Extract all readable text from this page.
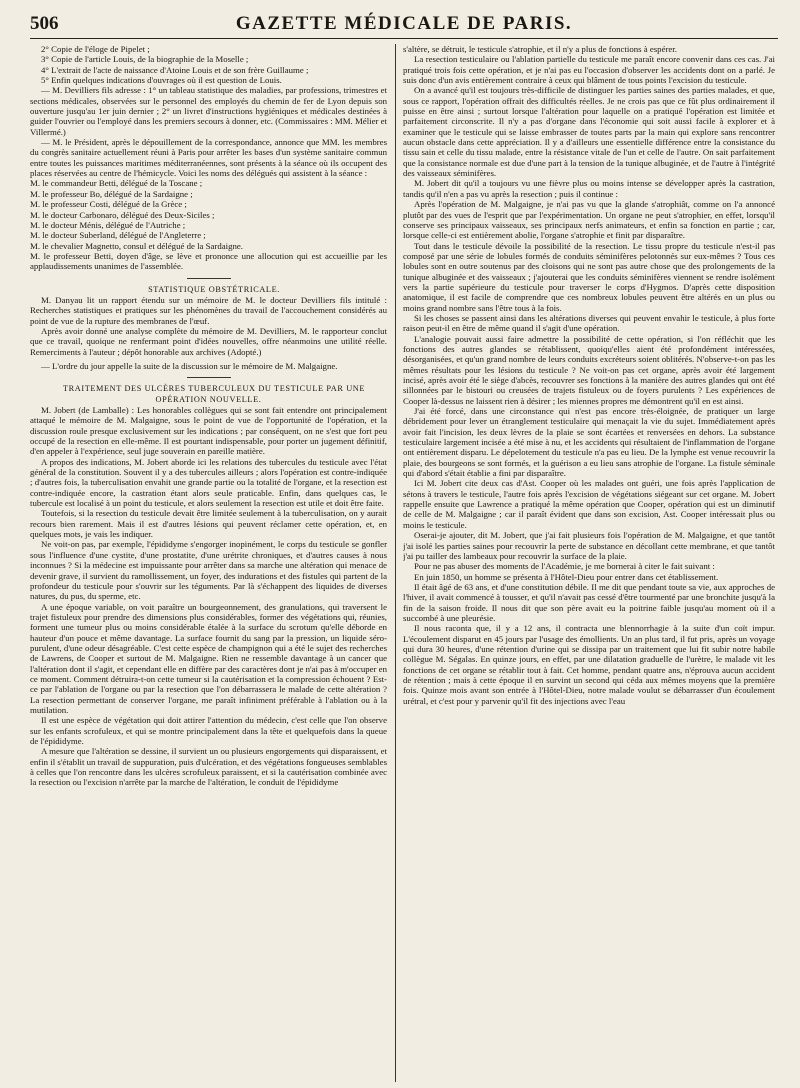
506	GAZETTE MÉDICALE DE PARIS.

2° Copie de l'éloge de Pipelet ;

3° Copie de l'article Louis, de la biographie de la Moselle ;

4° L'extrait de l'acte de naissance d'Atoine Louis et de son frère Guillaume ;

5° Enfin quelques indications d'ouvrages où il est question de Louis.

— M. Devilliers fils adresse : 1° un tableau statistique des maladies, par professions, trimestres et sections médicales, observées sur le personnel des employés du chemin de fer de Lyon depuis son ouverture jusqu'au 1er juin dernier ; 2° un livret d'instructions hygiéniques et médicales destinées à guider l'ouvrier ou l'employé dans les premiers secours à donner, etc. (Commissaires : MM. Mélier et Villermé.)

— M. le Président, après le dépouillement de la correspondance, annonce que MM. les membres du congrès sanitaire actuellement réuni à Paris pour arrêter les bases d'un système sanitaire commun entre toutes les puissances maritimes méditerranéennes, sont présents à la séance où ils occupent des places réservées au centre de l'hémicycle. Voici les noms des délégués qui assistent à la séance :

M. le commandeur Betti, délégué de la Toscane ;

M. le professeur Bo, délégué de la Sardaigne ;

M. le professeur Costi, délégué de la Grèce ;

M. le docteur Carbonaro, délégué des Deux-Siciles ;

M. le docteur Ménis, délégué de l'Autriche ;

M. le docteur Suberland, délégué de l'Angleterre ;

M. le chevalier Magnetto, consul et délégué de la Sardaigne.

M. le professeur Betti, doyen d'âge, se lève et prononce une allocution qui est accueillie par les applaudissements unanimes de l'assemblée.

STATISTIQUE OBSTÉTRICALE.

M. Danyau lit un rapport étendu sur un mémoire de M. le docteur Devilliers fils intitulé : Recherches statistiques et pratiques sur les phénomènes du travail de l'accouchement considérés au point de vue de la rupture des membranes de l'œuf.

Après avoir donné une analyse complète du mémoire de M. Devilliers, M. le rapporteur conclut que ce travail, quoique ne renfermant point d'idées nouvelles, offre néanmoins une utilité réelle. Remerciments à l'auteur ; dépôt honorable aux archives (Adopté.)

— L'ordre du jour appelle la suite de la discussion sur le mémoire de M. Malgaigne.

TRAITEMENT DES ULCÈRES TUBERCULEUX DU TESTICULE PAR UNE OPÉRATION NOUVELLE.

M. Jobert (de Lamballe) : Les honorables collègues qui se sont fait entendre ont principalement attaqué le mémoire de M. Malgaigne, sous le point de vue de l'opportunité de l'opération, et la discussion roule presque exclusivement sur les indications ; par conséquent, on ne s'est que fort peu occupé de la resection en elle-même. Il est pourtant indispensable, pour porter un jugement définitif, d'en appeler à l'expérience, seul juge souverain en pareille matière.

A propos des indications, M. Jobert aborde ici les relations des tubercules du testicule avec l'état général de la constitution. Souvent il y a des tubercules ailleurs ; alors l'opération est contre-indiquée ; d'autres fois, la tuberculisation envahit une grande partie ou la totalité de l'organe, et la resection est contre-indiquée encore, la castration étant alors seule praticable. Enfin, dans quelques cas, le tubercule est localisé à un point du testicule, et alors seulement la resection est utile et doit être faite.

Toutefois, si la resection du testicule devait être limitée seulement à la tuberculisation, on y aurait recours bien rarement. Mais il est d'autres lésions qui peuvent réclamer cette opération, et, en quelques mots, je vais les indiquer.

Ne voit-on pas, par exemple, l'épididyme s'engorger inopinément, le corps du testicule se gonfler sous l'influence d'une cystite, d'une prostatite, d'une urétrite chroniques, et d'autres causes à nous inconnues ? Si la médecine est impuissante pour arrêter dans sa marche une altération qui menace de devenir grave, il survient du ramollissement, un foyer, des indurations et des fistules qui partent de la profondeur du testicule pour s'ouvrir sur les téguments. Par là s'échappent des liquides de diverses natures, du pus, du sperme, etc.

A une époque variable, on voit paraître un bourgeonnement, des granulations, qui traversent le trajet fistuleux pour prendre des dimensions plus considérables, former des végétations qui, réunies, forment une tumeur plus ou moins considérable étalée à la surface du scrotum qu'elle déborde en hauteur d'un pouce et même davantage. La surface fournit du sang par la pression, un liquide séro-purulent, d'une odeur désagréable. C'est cette espèce de champignon qui a été le sujet des recherches de Lawrens, de Cooper et surtout de M. Malgaigne. Rien ne ressemble davantage à un cancer que l'altération dont il s'agit, et cependant elle en diffère par des caractères dont je n'ai pas à m'occuper en ce moment. Comment détruira-t-on cette tumeur si la cautérisation et la compression échouent ? Est-ce par l'ablation de l'organe ou par la resection que l'on débarrassera le malade de cette altération ? La resection permettant de conserver l'organe, me paraît infiniment préférable à l'ablation ou à la mutilation.

Il est une espèce de végétation qui doit attirer l'attention du médecin, c'est celle que l'on observe sur les enfants scrofuleux, et qui se montre principalement dans la tête et quelquefois dans la queue de l'épididyme.

A mesure que l'altération se dessine, il survient un ou plusieurs engorgements qui disparaissent, et enfin il s'établit un travail de suppuration, puis d'ulcération, et des végétations fongueuses semblables à celles que l'on rencontre dans les ulcères scrofuleux paraissent, et si la cautérisation combinée avec la resection ou l'excision n'arrête par la marche de l'altération, le conduit de l'épididyme

s'altère, se détruit, le testicule s'atrophie, et il n'y a plus de fonctions à espérer.

La resection testiculaire ou l'ablation partielle du testicule me paraît encore convenir dans ces cas. J'ai pratiqué trois fois cette opération, et je n'ai pas eu l'occasion d'observer les accidents dont on a parlé. Je suis donc d'un avis entièrement contraire à ceux qui blâment de tous points l'excision du testicule.

On a avancé qu'il est toujours très-difficile de distinguer les parties saines des parties malades, et que, sous ce rapport, l'opération offrait des difficultés réelles. Je ne crois pas que ce fût plus ordinairement il puisse en être ainsi ; surtout lorsque l'altération pour laquelle on a pratiqué l'opération est limitée et parfaitement circonscrite. Il n'y a pas d'organe dans l'économie qui soit aussi facile à explorer et à examiner que le testicule qui se laisse embrasser de toutes parts par la main qui explore sans rencontrer aucun obstacle dans cette appréciation. Il y a d'ailleurs une essentielle différence entre la consistance du tissu sain et celle du tissu malade, entre la résistance vitale de l'un et celle de l'autre. On sait parfaitement que la consistance normale est due d'une part à la tension de la tunique albuginée, et de l'autre à l'intégrité des vaisseaux séminifères.

M. Jobert dit qu'il a toujours vu une fièvre plus ou moins intense se développer après la castration, tandis qu'il n'en a pas vu après la resection ; puis il continue :

Après l'opération de M. Malgaigne, je n'ai pas vu que la glande s'atrophiât, comme on l'a annoncé plutôt par des vues de l'esprit que par l'expérimentation. Un organe ne peut s'atrophier, en effet, lorsqu'il conserve ses principaux vaisseaux, ses principaux nerfs animateurs, et enfin sa fonction en partie ; car, lorsque celle-ci est entièrement abolie, l'organe s'atrophie et finit par disparaître.

Tout dans le testicule dévoile la possibilité de la resection. Le tissu propre du testicule n'est-il pas composé par une série de lobules formés de conduits séminifères pelotonnés sur eux-mêmes ? Tous ces lobules sont en outre soutenus par des cloisons qui ne sont pas autre chose que des prolongements de la tunique albuginée et des vaisseaux ; j'ajouterai que les conduits séminifères viennent se rendre isolément vers la partie supérieure du testicule pour traverser le corps d'Hygmos. D'après cette disposition anatomique, il est facile de comprendre que ces nombreux lobules peuvent être altérés en un plus ou moins grand nombre sans l'être tous à la fois.

Si les choses se passent ainsi dans les altérations diverses qui peuvent envahir le testicule, à plus forte raison peut-il en être de même quand il s'agit d'une opération.

L'analogie pouvait aussi faire admettre la possibilité de cette opération, si l'on réfléchit que les fonctions des autres glandes se rétablissent, quoiqu'elles aient été profondément intéressées, désorganisées, et qu'un grand nombre de leurs conduits excréteurs soient oblitérés. N'observe-t-on pas les mêmes résultats pour les lésions du testicule ? Ne voit-on pas cet organe, après avoir été largement incisé, après avoir été le siège d'abcès, recouvrer ses fonctions à la manière des autres glandes qui ont été sillonnées par le bistouri ou creusées de trajets fistuleux ou de foyers purulents ? Les expériences de Cooper là-dessus ne laissent rien à désirer ; les miennes propres me démontrent qu'il en est ainsi.

J'ai été forcé, dans une circonstance qui n'est pas encore très-éloignée, de pratiquer un large débridement pour lever un étranglement testiculaire qui menaçait la vie du sujet. Immédiatement après avoir fait l'incision, les deux lèvres de la plaie se sont écartées et renversées en dehors. La substance testiculaire largement incisée a été mise à nu, et les accidents qui résultaient de l'inflammation de l'organe ont entièrement disparu. Le dépelotement du testicule n'a pas eu lieu. De la lymphe est venue recouvrir la plaie, des bourgeons se sont formés, et la guérison a eu lieu sans atrophie de l'organe. La fistule séminale qui d'abord s'était établie a fini par disparaître.

Ici M. Jobert cite deux cas d'Ast. Cooper où les malades ont guéri, une fois après l'application de sétons à travers le testicule, l'autre fois après l'excision de végétations siégeant sur cet organe. M. Jobert rappelle ensuite que Lawrence a pratiqué la même opération que Cooper, opération qui est un diminutif de celle de M. Malgaigne ; car il paraît évident que dans son excision, Ast. Cooper intéressait plus ou moins le testicule.

Oserai-je ajouter, dit M. Jobert, que j'ai fait plusieurs fois l'opération de M. Malgaigne, et que tantôt j'ai isolé les parties saines pour recouvrir la perte de substance en décollant cette membrane, et que tantôt j'ai pu tailler des lambeaux pour recouvrir la surface de la plaie.

Pour ne pas abuser des moments de l'Académie, je me bornerai à citer le fait suivant :

En juin 1850, un homme se présenta à l'Hôtel-Dieu pour entrer dans cet établissement.

Il était âgé de 63 ans, et d'une constitution débile. Il me dit que pendant toute sa vie, aux approches de l'hiver, il avait commencé à tousser, et qu'il n'avait pas cessé d'être tourmenté par une bronchite jusqu'à la fin de la saison froide. Il nous dit que son père avait eu la poitrine faible jusqu'au moment où il a succombé à une pleurésie.

Il nous raconta que, il y a 12 ans, il contracta une blennorrhagie à la suite d'un coït impur. L'écoulement disparut en 45 jours par l'usage des émollients. Un an plus tard, il fut pris, après un voyage qui dura 30 heures, d'une rétention d'urine qui se dissipa par un traitement que lui fit subir notre habile collègue M. Ségalas. En quinze jours, en effet, par une dilatation graduelle de l'urètre, le malade vit les fonctions de cet organe se rétablir tout à fait. Cet homme, pendant quatre ans, n'éprouva aucun accident de rétention ; mais à cette époque il en survint un second qui céda aux mêmes moyens que la première fois. Quinze mois avant son entrée à l'Hôtel-Dieu, notre malade voulut se débarrasser d'un écoulement urétral, et c'est pour y parvenir qu'il fit des injections avec l'eau
